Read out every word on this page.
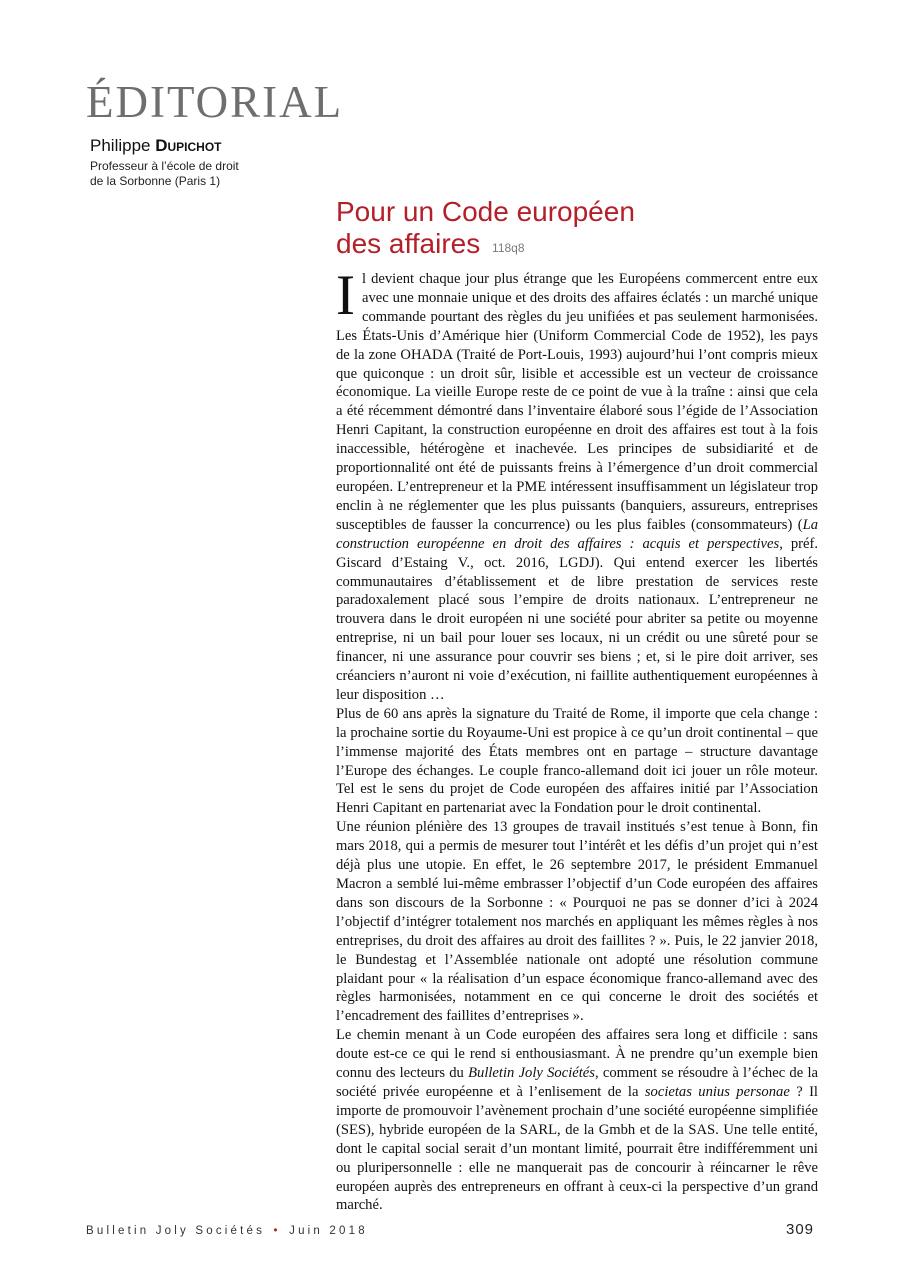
ÉDITORIAL
Philippe Dupichot
Professeur à l’école de droit
de la Sorbonne (Paris 1)
Pour un Code européen
des affaires 118q8

Il devient chaque jour plus étrange que les Européens commercent entre eux avec une monnaie unique et des droits des affaires éclatés : un marché unique commande pourtant des règles du jeu unifiées et pas seulement harmonisées. Les États-Unis d’Amérique hier (Uniform Commercial Code de 1952), les pays de la zone OHADA (Traité de Port-Louis, 1993) aujourd’hui l’ont compris mieux que quiconque : un droit sûr, lisible et accessible est un vecteur de croissance économique. La vieille Europe reste de ce point de vue à la traîne : ainsi que cela a été récemment démontré dans l’inventaire élaboré sous l’égide de l’Association Henri Capitant, la construction européenne en droit des affaires est tout à la fois inaccessible, hétérogène et inachevée. Les principes de subsidiarité et de proportionnalité ont été de puissants freins à l’émergence d’un droit commercial européen. L’entrepreneur et la PME intéressent insuffisamment un législateur trop enclin à ne réglementer que les plus puissants (banquiers, assureurs, entreprises susceptibles de fausser la concurrence) ou les plus faibles (consommateurs) (La construction européenne en droit des affaires : acquis et perspectives, préf. Giscard d’Estaing V., oct. 2016, LGDJ). Qui entend exercer les libertés communautaires d’établissement et de libre prestation de services reste paradoxalement placé sous l’empire de droits nationaux. L’entrepreneur ne trouvera dans le droit européen ni une société pour abriter sa petite ou moyenne entreprise, ni un bail pour louer ses locaux, ni un crédit ou une sûreté pour se financer, ni une assurance pour couvrir ses biens ; et, si le pire doit arriver, ses créanciers n’auront ni voie d’exécution, ni faillite authentiquement européennes à leur disposition …

Plus de 60 ans après la signature du Traité de Rome, il importe que cela change : la prochaine sortie du Royaume-Uni est propice à ce qu’un droit continental – que l’immense majorité des États membres ont en partage – structure davantage l’Europe des échanges. Le couple franco-allemand doit ici jouer un rôle moteur. Tel est le sens du projet de Code européen des affaires initié par l’Association Henri Capitant en partenariat avec la Fondation pour le droit continental.

Une réunion plénière des 13 groupes de travail institués s’est tenue à Bonn, fin mars 2018, qui a permis de mesurer tout l’intérêt et les défis d’un projet qui n’est déjà plus une utopie. En effet, le 26 septembre 2017, le président Emmanuel Macron a semblé lui-même embrasser l’objectif d’un Code européen des affaires dans son discours de la Sorbonne : « Pourquoi ne pas se donner d’ici à 2024 l’objectif d’intégrer totalement nos marchés en appliquant les mêmes règles à nos entreprises, du droit des affaires au droit des faillites ? ». Puis, le 22 janvier 2018, le Bundestag et l’Assemblée nationale ont adopté une résolution commune plaidant pour « la réalisation d’un espace économique franco-allemand avec des règles harmonisées, notamment en ce qui concerne le droit des sociétés et l’encadrement des faillites d’entreprises ».

Le chemin menant à un Code européen des affaires sera long et difficile : sans doute est-ce ce qui le rend si enthousiasmant. À ne prendre qu’un exemple bien connu des lecteurs du Bulletin Joly Sociétés, comment se résoudre à l’échec de la société privée européenne et à l’enlisement de la societas unius personae ? Il importe de promouvoir l’avènement prochain d’une société européenne simplifiée (SES), hybride européen de la SARL, de la Gmbh et de la SAS. Une telle entité, dont le capital social serait d’un montant limité, pourrait être indifféremment uni ou pluripersonnelle : elle ne manquerait pas de concourir à réincarner le rêve européen auprès des entrepreneurs en offrant à ceux-ci la perspective d’un grand marché.

Bulletin Joly Sociétés • Juin 2018	309
